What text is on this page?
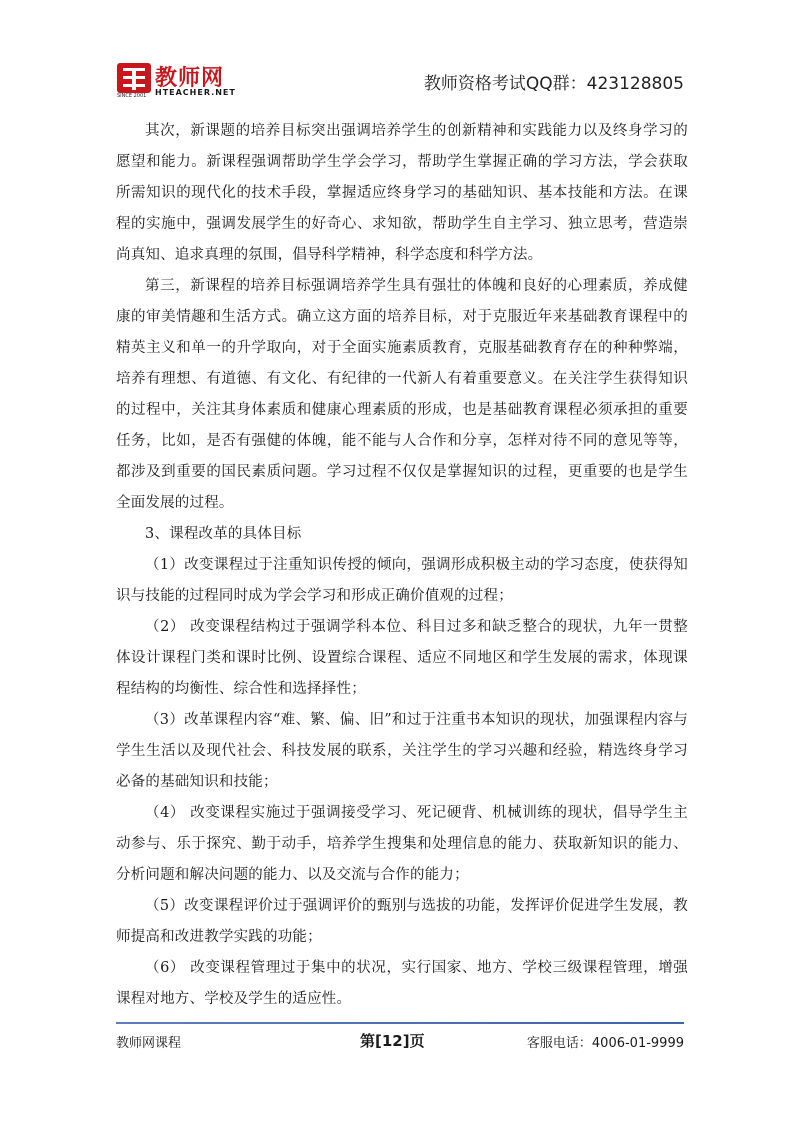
SINCE 2001
教师网
HTEACHER.NET	教师资格考试QQ群：423128805

其次，新课题的培养目标突出强调培养学生的创新精神和实践能力以及终身学习的愿望和能力。新课程强调帮助学生学会学习，帮助学生掌握正确的学习方法，学会获取所需知识的现代化的技术手段，掌握适应终身学习的基础知识、基本技能和方法。在课程的实施中，强调发展学生的好奇心、求知欲，帮助学生自主学习、独立思考，营造崇尚真知、追求真理的氛围，倡导科学精神，科学态度和科学方法。

第三，新课程的培养目标强调培养学生具有强壮的体魄和良好的心理素质，养成健康的审美情趣和生活方式。确立这方面的培养目标，对于克服近年来基础教育课程中的精英主义和单一的升学取向，对于全面实施素质教育，克服基础教育存在的种种弊端，培养有理想、有道德、有文化、有纪律的一代新人有着重要意义。在关注学生获得知识的过程中，关注其身体素质和健康心理素质的形成，也是基础教育课程必须承担的重要任务，比如，是否有强健的体魄，能不能与人合作和分享，怎样对待不同的意见等等，都涉及到重要的国民素质问题。学习过程不仅仅是掌握知识的过程，更重要的也是学生全面发展的过程。

3、课程改革的具体目标

（1）改变课程过于注重知识传授的倾向，强调形成积极主动的学习态度，使获得知识与技能的过程同时成为学会学习和形成正确价值观的过程；

（2） 改变课程结构过于强调学科本位、科目过多和缺乏整合的现状，九年一贯整体设计课程门类和课时比例、设置综合课程、适应不同地区和学生发展的需求，体现课程结构的均衡性、综合性和选择择性；

（3）改革课程内容“难、繁、偏、旧”和过于注重书本知识的现状，加强课程内容与学生生活以及现代社会、科技发展的联系，关注学生的学习兴趣和经验，精选终身学习必备的基础知识和技能；

（4） 改变课程实施过于强调接受学习、死记硬背、机械训练的现状，倡导学生主动参与、乐于探究、勤于动手，培养学生搜集和处理信息的能力、获取新知识的能力、分析问题和解决问题的能力、以及交流与合作的能力；

（5）改变课程评价过于强调评价的甄别与选拔的功能，发挥评价促进学生发展，教师提高和改进教学实践的功能；

（6） 改变课程管理过于集中的状况，实行国家、地方、学校三级课程管理，增强课程对地方、学校及学生的适应性。

教师网课程	第[12]页	客服电话：4006-01-9999
